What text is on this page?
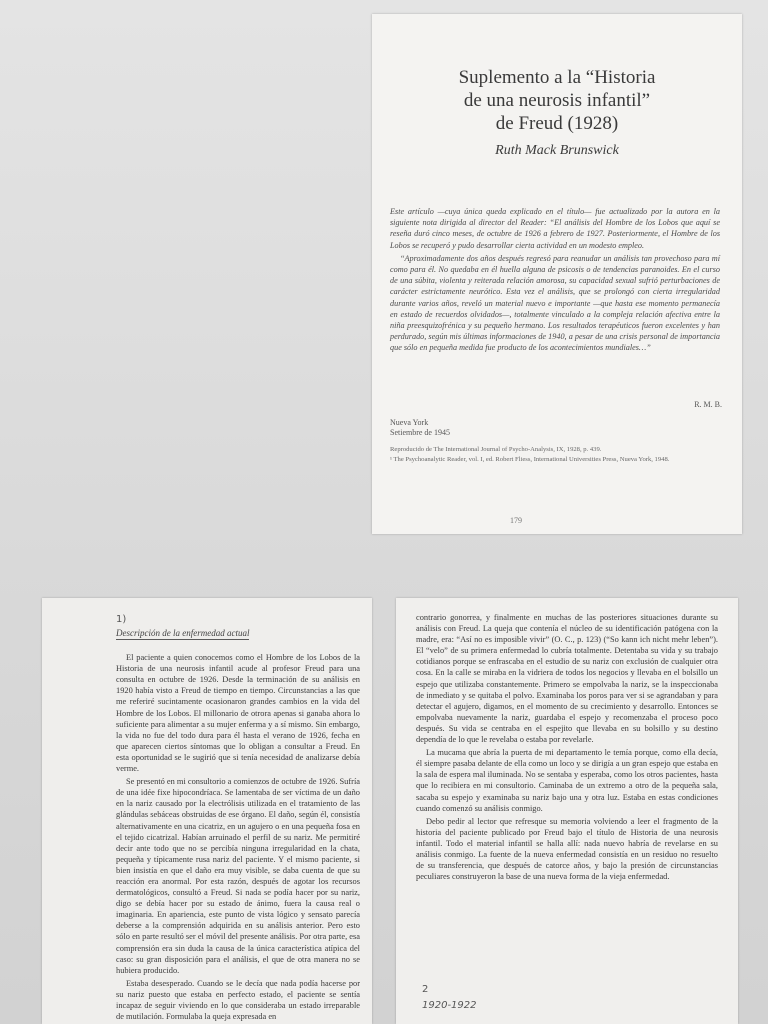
Suplemento a la “Historia
de una neurosis infantil”
de Freud (1928)
Ruth Mack Brunswick

Este artículo —cuya única queda explicado en el título— fue actualizado por la autora en la siguiente nota dirigida al director del Reader: “El análisis del Hombre de los Lobos que aquí se reseña duró cinco meses, de octubre de 1926 a febrero de 1927. Posteriormente, el Hombre de los Lobos se recuperó y pudo desarrollar cierta actividad en un modesto empleo.

“Aproximadamente dos años después regresó para reanudar un análisis tan provechoso para mí como para él. No quedaba en él huella alguna de psicosis o de tendencias paranoides. En el curso de una súbita, violenta y reiterada relación amorosa, su capacidad sexual sufrió perturbaciones de carácter estrictamente neurótico. Esta vez el análisis, que se prolongó con cierta irregularidad durante varios años, reveló un material nuevo e importante —que hasta ese momento permanecía en estado de recuerdos olvidados—, totalmente vinculado a la compleja relación afectiva entre la niña preesquizofrénica y su pequeño hermano. Los resultados terapéuticos fueron excelentes y han perdurado, según mis últimas informaciones de 1940, a pesar de una crisis personal de importancia que sólo en pequeña medida fue producto de los acontecimientos mundiales…”

R. M. B.
Nueva York
Setiembre de 1945
Reproducido de The International Journal of Psycho-Analysis, IX, 1928, p. 439.
¹ The Psychoanalytic Reader, vol. I, ed. Robert Fliess, International Universities Press, Nueva York, 1948.
179
1)
Descripción de la enfermedad actual

El paciente a quien conocemos como el Hombre de los Lobos de la Historia de una neurosis infantil acude al profesor Freud para una consulta en octubre de 1926. Desde la terminación de su análisis en 1920 había visto a Freud de tiempo en tiempo. Circunstancias a las que me referiré sucintamente ocasionaron grandes cambios en la vida del Hombre de los Lobos. El millonario de otrora apenas si ganaba ahora lo suficiente para alimentar a su mujer enferma y a sí mismo. Sin embargo, la vida no fue del todo dura para él hasta el verano de 1926, fecha en que aparecen ciertos síntomas que lo obligan a consultar a Freud. En esta oportunidad se le sugirió que si tenía necesidad de analizarse debía verme.

Se presentó en mi consultorio a comienzos de octubre de 1926. Sufría de una idée fixe hipocondríaca. Se lamentaba de ser víctima de un daño en la nariz causado por la electrólisis utilizada en el tratamiento de las glándulas sebáceas obstruidas de ese órgano. El daño, según él, consistía alternativamente en una cicatriz, en un agujero o en una pequeña fosa en el tejido cicatrizal. Habían arruinado el perfil de su nariz. Me permitiré decir ante todo que no se percibía ninguna irregularidad en la chata, pequeña y típicamente rusa nariz del paciente. Y el mismo paciente, si bien insistía en que el daño era muy visible, se daba cuenta de que su reacción era anormal. Por esta razón, después de agotar los recursos dermatológicos, consultó a Freud. Si nada se podía hacer por su nariz, digo se debía hacer por su estado de ánimo, fuera la causa real o imaginaria. En apariencia, este punto de vista lógico y sensato parecía deberse a la comprensión adquirida en su análisis anterior. Pero esto sólo en parte resultó ser el móvil del presente análisis. Por otra parte, esa comprensión era sin duda la causa de la única característica atípica del caso: su gran disposición para el análisis, el que de otra manera no se hubiera producido.

Estaba desesperado. Cuando se le decía que nada podía hacerse por su nariz puesto que estaba en perfecto estado, el paciente se sentía incapaz de seguir viviendo en lo que consideraba un estado irreparable de mutilación. Formulaba la queja expresada en

contrario gonorrea, y finalmente en muchas de las posteriores situaciones durante su análisis con Freud. La queja que contenía el núcleo de su identificación patógena con la madre, era: “Así no es imposible vivir” (O. C., p. 123) (“So kann ich nicht mehr leben”). El “velo” de su primera enfermedad lo cubría totalmente. Detentaba su vida y su trabajo cotidianos porque se enfrascaba en el estudio de su nariz con exclusión de cualquier otra cosa. En la calle se miraba en la vidriera de todos los negocios y llevaba en el bolsillo un espejo que utilizaba constantemente. Primero se empolvaba la nariz, se la inspeccionaba de inmediato y se quitaba el polvo. Examinaba los poros para ver si se agrandaban y para detectar el agujero, digamos, en el momento de su crecimiento y desarrollo. Entonces se empolvaba nuevamente la nariz, guardaba el espejo y recomenzaba el proceso poco después. Su vida se centraba en el espejito que llevaba en su bolsillo y su destino dependía de lo que le revelaba o estaba por revelarle.

La mucama que abría la puerta de mi departamento le temía porque, como ella decía, él siempre pasaba delante de ella como un loco y se dirigía a un gran espejo que estaba en la sala de espera mal iluminada. No se sentaba y esperaba, como los otros pacientes, hasta que lo recibiera en mi consultorio. Caminaba de un extremo a otro de la pequeña sala, sacaba su espejo y examinaba su nariz bajo una y otra luz. Estaba en estas condiciones cuando comenzó su análisis conmigo.

Debo pedir al lector que refresque su memoria volviendo a leer el fragmento de la historia del paciente publicado por Freud bajo el título de Historia de una neurosis infantil. Todo el material infantil se halla allí: nada nuevo habría de revelarse en su análisis conmigo. La fuente de la nueva enfermedad consistía en un residuo no resuelto de su transferencia, que después de catorce años, y bajo la presión de circunstancias peculiares construyeron la base de una nueva forma de la vieja enfermedad.

2
1920-1922
